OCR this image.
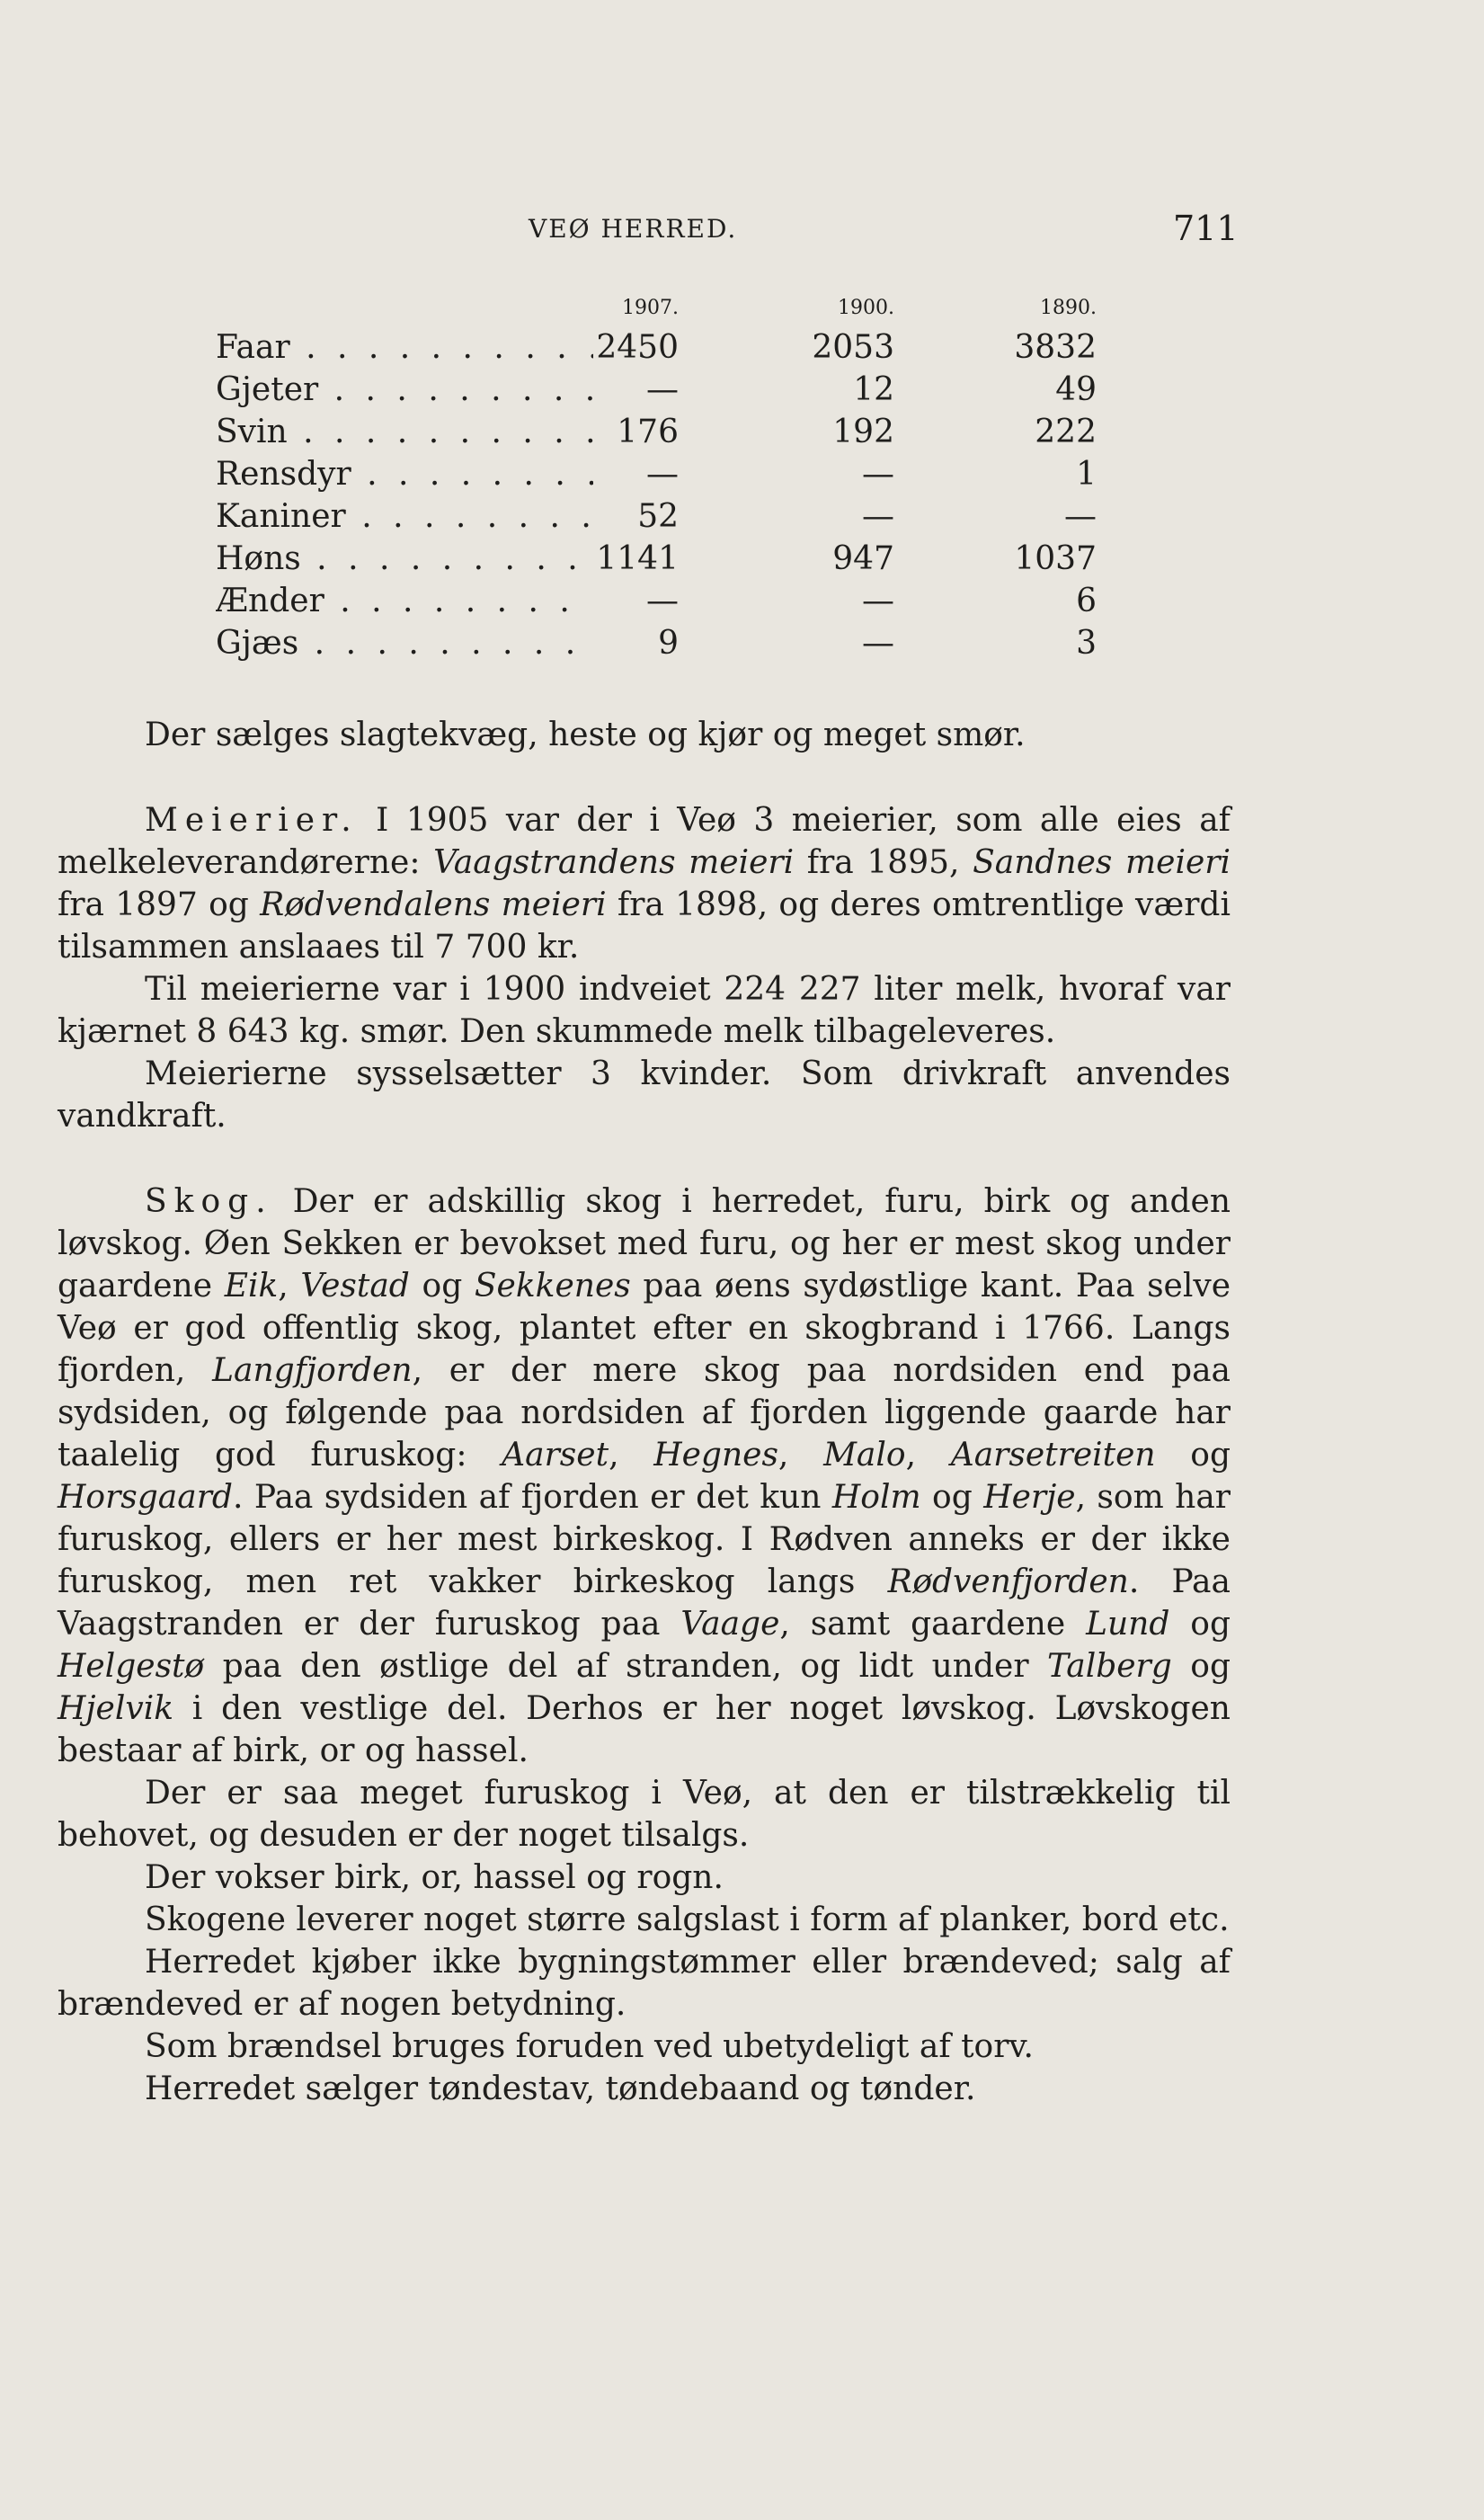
VEØ HERRED.	711
1907.	1900.	1890.
Faar . .	2450	2053	3832
Gjeter . .	—	12	49
Svin . .	176	192	222
Rensdyr . .	—	—	1
Kaniner . .	52	—	—
Høns . .	1141	947	1037
Ænder . .	—	—	6
Gjæs . .	9	—	3

Der sælges slagtekvæg, heste og kjør og meget smør.

Meierier. I 1905 var der i Veø 3 meierier, som alle eies af melkeleverandørerne: Vaagstrandens meieri fra 1895, Sandnes meieri fra 1897 og Rødvendalens meieri fra 1898, og deres omtrentlige værdi tilsammen anslaaes til 7 700 kr.

Til meierierne var i 1900 indveiet 224 227 liter melk, hvoraf var kjærnet 8 643 kg. smør. Den skummede melk tilbageleveres.

Meierierne sysselsætter 3 kvinder. Som drivkraft anvendes vandkraft.

Skog. Der er adskillig skog i herredet, furu, birk og anden løvskog. Øen Sekken er bevokset med furu, og her er mest skog under gaardene Eik, Vestad og Sekkenes paa øens sydøstlige kant. Paa selve Veø er god offentlig skog, plantet efter en skogbrand i 1766. Langs fjorden, Langfjorden, er der mere skog paa nordsiden end paa sydsiden, og følgende paa nordsiden af fjorden liggende gaarde har taalelig god furuskog: Aarset, Hegnes, Malo, Aarsetreiten og Horsgaard. Paa sydsiden af fjorden er det kun Holm og Herje, som har furuskog, ellers er her mest birkeskog. I Rødven anneks er der ikke furuskog, men ret vakker birkeskog langs Rødvenfjorden. Paa Vaagstranden er der furuskog paa Vaage, samt gaardene Lund og Helgestø paa den østlige del af stranden, og lidt under Talberg og Hjelvik i den vestlige del. Derhos er her noget løvskog. Løvskogen bestaar af birk, or og hassel.

Der er saa meget furuskog i Veø, at den er tilstrækkelig til behovet, og desuden er der noget tilsalgs.

Der vokser birk, or, hassel og rogn.

Skogene leverer noget større salgslast i form af planker, bord etc.

Herredet kjøber ikke bygningstømmer eller brændeved; salg af brændeved er af nogen betydning.

Som brændsel bruges foruden ved ubetydeligt af torv.

Herredet sælger tøndestav, tøndebaand og tønder.
